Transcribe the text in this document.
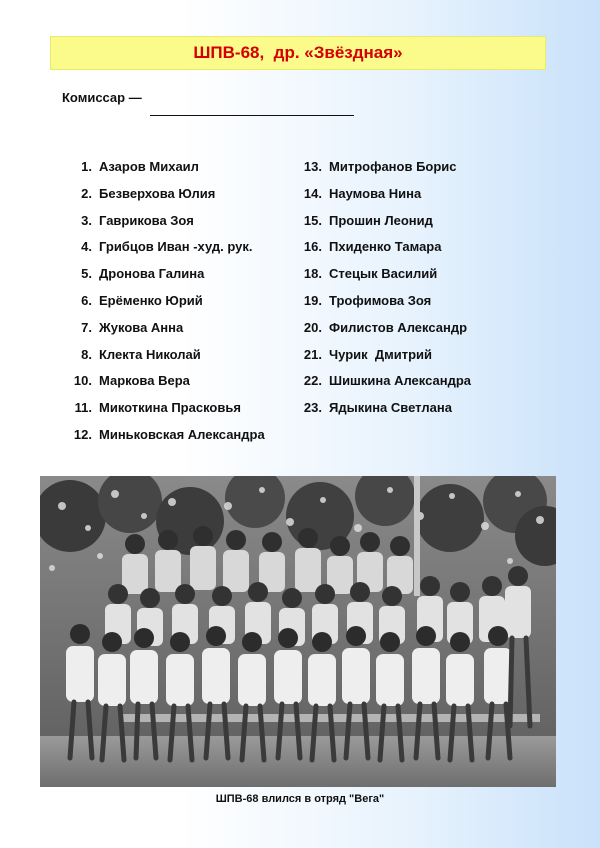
ШПВ-68,  др. «Звёздная»
Комиссар —
1. Азаров Михаил
2. Безверхова Юлия
3. Гаврикова Зоя
4. Грибцов Иван -худ. рук.
5. Дронова Галина
6. Ерёменко Юрий
7. Жукова Анна
8. Клекта Николай
10. Маркова Вера
11. Микоткина Прасковья
12. Миньковская Александра
13. Митрофанов Борис
14. Наумова Нина
15. Прошин Леонид
16. Пхиденко Тамара
18. Стецык Василий
19. Трофимова Зоя
20. Филистов Александр
21. Чурик  Дмитрий
22. Шишкина Александра
23. Ядыкина Светлана
ШПВ-68 влился в отряд "Вега"
